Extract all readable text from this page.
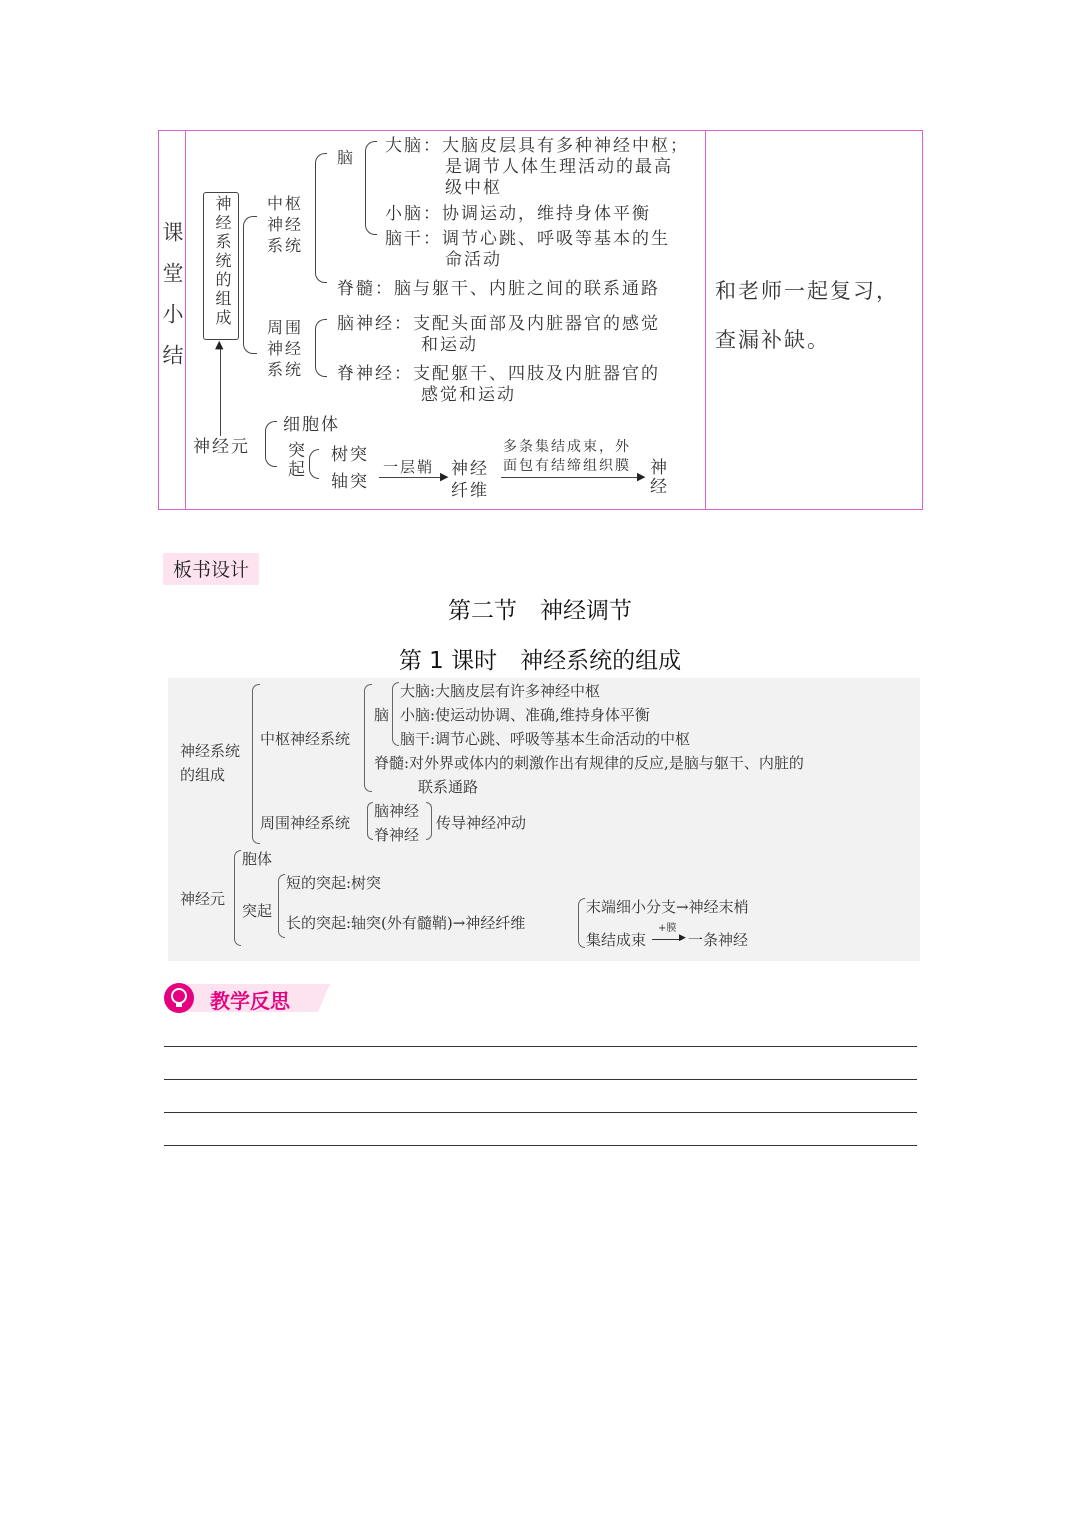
课堂小结 神经系统的组成
▲
中枢神经系统
脑
大脑：大脑皮层具有多种神经中枢；
是调节人体生理活动的最高
级中枢
小脑：协调运动，维持身体平衡
脑干：调节心跳、呼吸等基本的生
命活动
脊髓：脑与躯干、内脏之间的联系通路
周围神经系统
脑神经：支配头面部及内脏器官的感觉
和运动
脊神经：支配躯干、四肢及内脏器官的
感觉和运动
神经元
细胞体
突起 树突
轴突
一层鞘
▶ 神经纤维
多条集结成束，外
面包有结缔组织膜
▶ 神经
和老师一起复习，
查漏补缺。
板书设计
第二节　神经调节
第 1 课时　神经系统的组成
神经系统
的组成
中枢神经系统
脑
大脑:大脑皮层有许多神经中枢
小脑:使运动协调、准确,维持身体平衡
脑干:调节心跳、呼吸等基本生命活动的中枢
脊髓:对外界或体内的刺激作出有规律的反应,是脑与躯干、内脏的
联系通路
周围神经系统
脑神经
脊神经
传导神经冲动
神经元
胞体
突起
短的突起:树突
长的突起:轴突(外有髓鞘)→神经纤维
末端细小分支→神经末梢
集结成束
+膜
▶ 一条神经
教学反思
